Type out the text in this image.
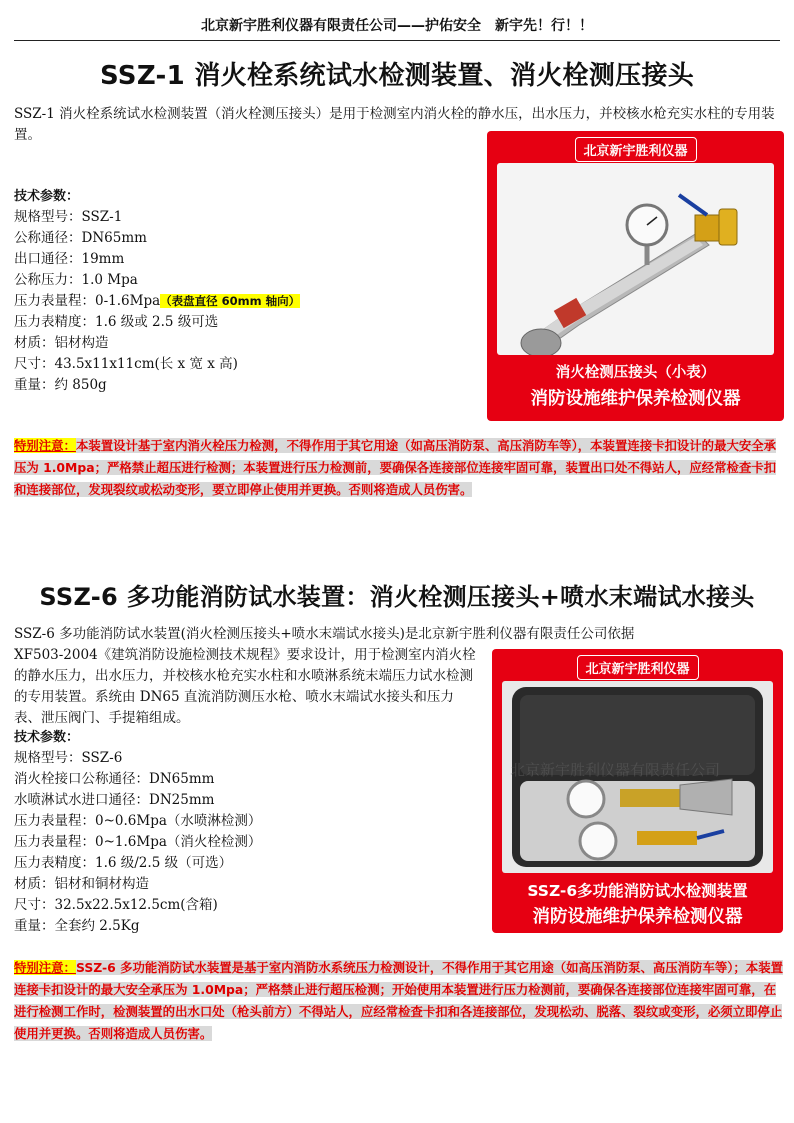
北京新宇胜利仪器有限责任公司——护佑安全　新宇先！行！！
SSZ-1 消火栓系统试水检测装置、消火栓测压接头
SSZ-1 消火栓系统试水检测装置（消火栓测压接头）是用于检测室内消火栓的静水压，出水压力，并校核水枪充实水柱的专用装置。
北京新宇胜利仪器
消火栓测压接头（小表）
消防设施维护保养检测仪器
技术参数：
规格型号：SSZ-1
公称通径：DN65mm
出口通径：19mm
公称压力：1.0 Mpa
压力表量程：0-1.6Mpa（表盘直径 60mm 轴向）
压力表精度：1.6 级或 2.5 级可选
材质：铝材构造
尺寸：43.5x11x11cm(长 x 宽 x 高)
重量：约 850g
特别注意：本装置设计基于室内消火栓压力检测，不得作用于其它用途（如高压消防泵、高压消防车等），本装置连接卡扣设计的最大安全承压为 1.0Mpa；严格禁止超压进行检测；本装置进行压力检测前，要确保各连接部位连接牢固可靠，装置出口处不得站人，应经常检查卡扣和连接部位，发现裂纹或松动变形，要立即停止使用并更换。否则将造成人员伤害。
SSZ-6 多功能消防试水装置：消火栓测压接头+喷水末端试水接头
SSZ-6 多功能消防试水装置(消火栓测压接头+喷水末端试水接头)是北京新宇胜利仪器有限责任公司依据
XF503-2004《建筑消防设施检测技术规程》要求设计，用于检测室内消火栓的静水压力，出水压力，并校核水枪充实水柱和水喷淋系统末端压力试水检测的专用装置。系统由 DN65 直流消防测压水枪、喷水末端试水接头和压力表、泄压阀门、手提箱组成。
北京新宇胜利仪器
北京新宇胜利仪器有限责任公司
SSZ-6多功能消防试水检测装置
消防设施维护保养检测仪器
技术参数：
规格型号：SSZ-6
消火栓接口公称通径：DN65mm
水喷淋试水进口通径：DN25mm
压力表量程：0~0.6Mpa（水喷淋检测）
压力表量程：0~1.6Mpa（消火栓检测）
压力表精度：1.6 级/2.5 级（可选）
材质：铝材和铜材构造
尺寸：32.5x22.5x12.5cm(含箱)
重量：全套约 2.5Kg
特别注意：SSZ-6 多功能消防试水装置是基于室内消防水系统压力检测设计，不得作用于其它用途（如高压消防泵、高压消防车等）；本装置连接卡扣设计的最大安全承压为 1.0Mpa；严格禁止进行超压检测；开始使用本装置进行压力检测前，要确保各连接部位连接牢固可靠，在进行检测工作时，检测装置的出水口处（枪头前方）不得站人，应经常检查卡扣和各连接部位，发现松动、脱落、裂纹或变形，必须立即停止使用并更换。否则将造成人员伤害。
